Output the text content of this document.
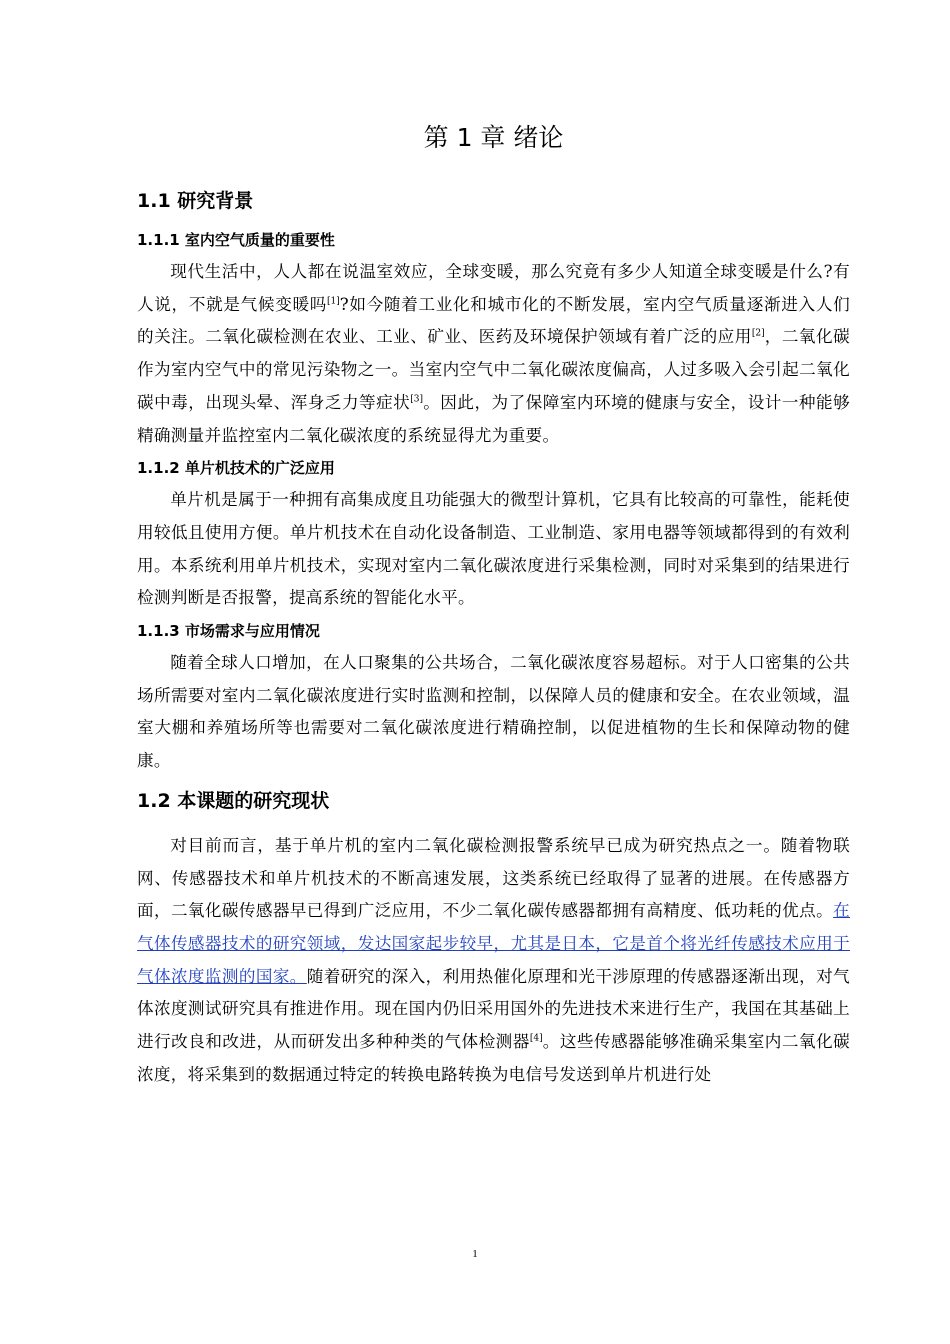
第 1 章 绪论
1.1 研究背景
1.1.1 室内空气质量的重要性

现代生活中，人人都在说温室效应，全球变暖，那么究竟有多少人知道全球变暖是什么?有人说，不就是气候变暖吗[1]?如今随着工业化和城市化的不断发展，室内空气质量逐渐进入人们的关注。二氧化碳检测在农业、工业、矿业、医药及环境保护领域有着广泛的应用[2]，二氧化碳作为室内空气中的常见污染物之一。当室内空气中二氧化碳浓度偏高，人过多吸入会引起二氧化碳中毒，出现头晕、浑身乏力等症状[3]。因此，为了保障室内环境的健康与安全，设计一种能够精确测量并监控室内二氧化碳浓度的系统显得尤为重要。

1.1.2 单片机技术的广泛应用

单片机是属于一种拥有高集成度且功能强大的微型计算机，它具有比较高的可靠性，能耗使用较低且使用方便。单片机技术在自动化设备制造、工业制造、家用电器等领域都得到的有效利用。本系统利用单片机技术，实现对室内二氧化碳浓度进行采集检测，同时对采集到的结果进行检测判断是否报警，提高系统的智能化水平。

1.1.3 市场需求与应用情况

随着全球人口增加，在人口聚集的公共场合，二氧化碳浓度容易超标。对于人口密集的公共场所需要对室内二氧化碳浓度进行实时监测和控制，以保障人员的健康和安全。在农业领域，温室大棚和养殖场所等也需要对二氧化碳浓度进行精确控制，以促进植物的生长和保障动物的健康。

1.2 本课题的研究现状

对目前而言，基于单片机的室内二氧化碳检测报警系统早已成为研究热点之一。随着物联网、传感器技术和单片机技术的不断高速发展，这类系统已经取得了显著的进展。在传感器方面，二氧化碳传感器早已得到广泛应用，不少二氧化碳传感器都拥有高精度、低功耗的优点。在气体传感器技术的研究领域，发达国家起步较早，尤其是日本，它是首个将光纤传感技术应用于气体浓度监测的国家。随着研究的深入，利用热催化原理和光干涉原理的传感器逐渐出现，对气体浓度测试研究具有推进作用。现在国内仍旧采用国外的先进技术来进行生产，我国在其基础上进行改良和改进，从而研发出多种种类的气体检测器[4]。这些传感器能够准确采集室内二氧化碳浓度，将采集到的数据通过特定的转换电路转换为电信号发送到单片机进行处

1
